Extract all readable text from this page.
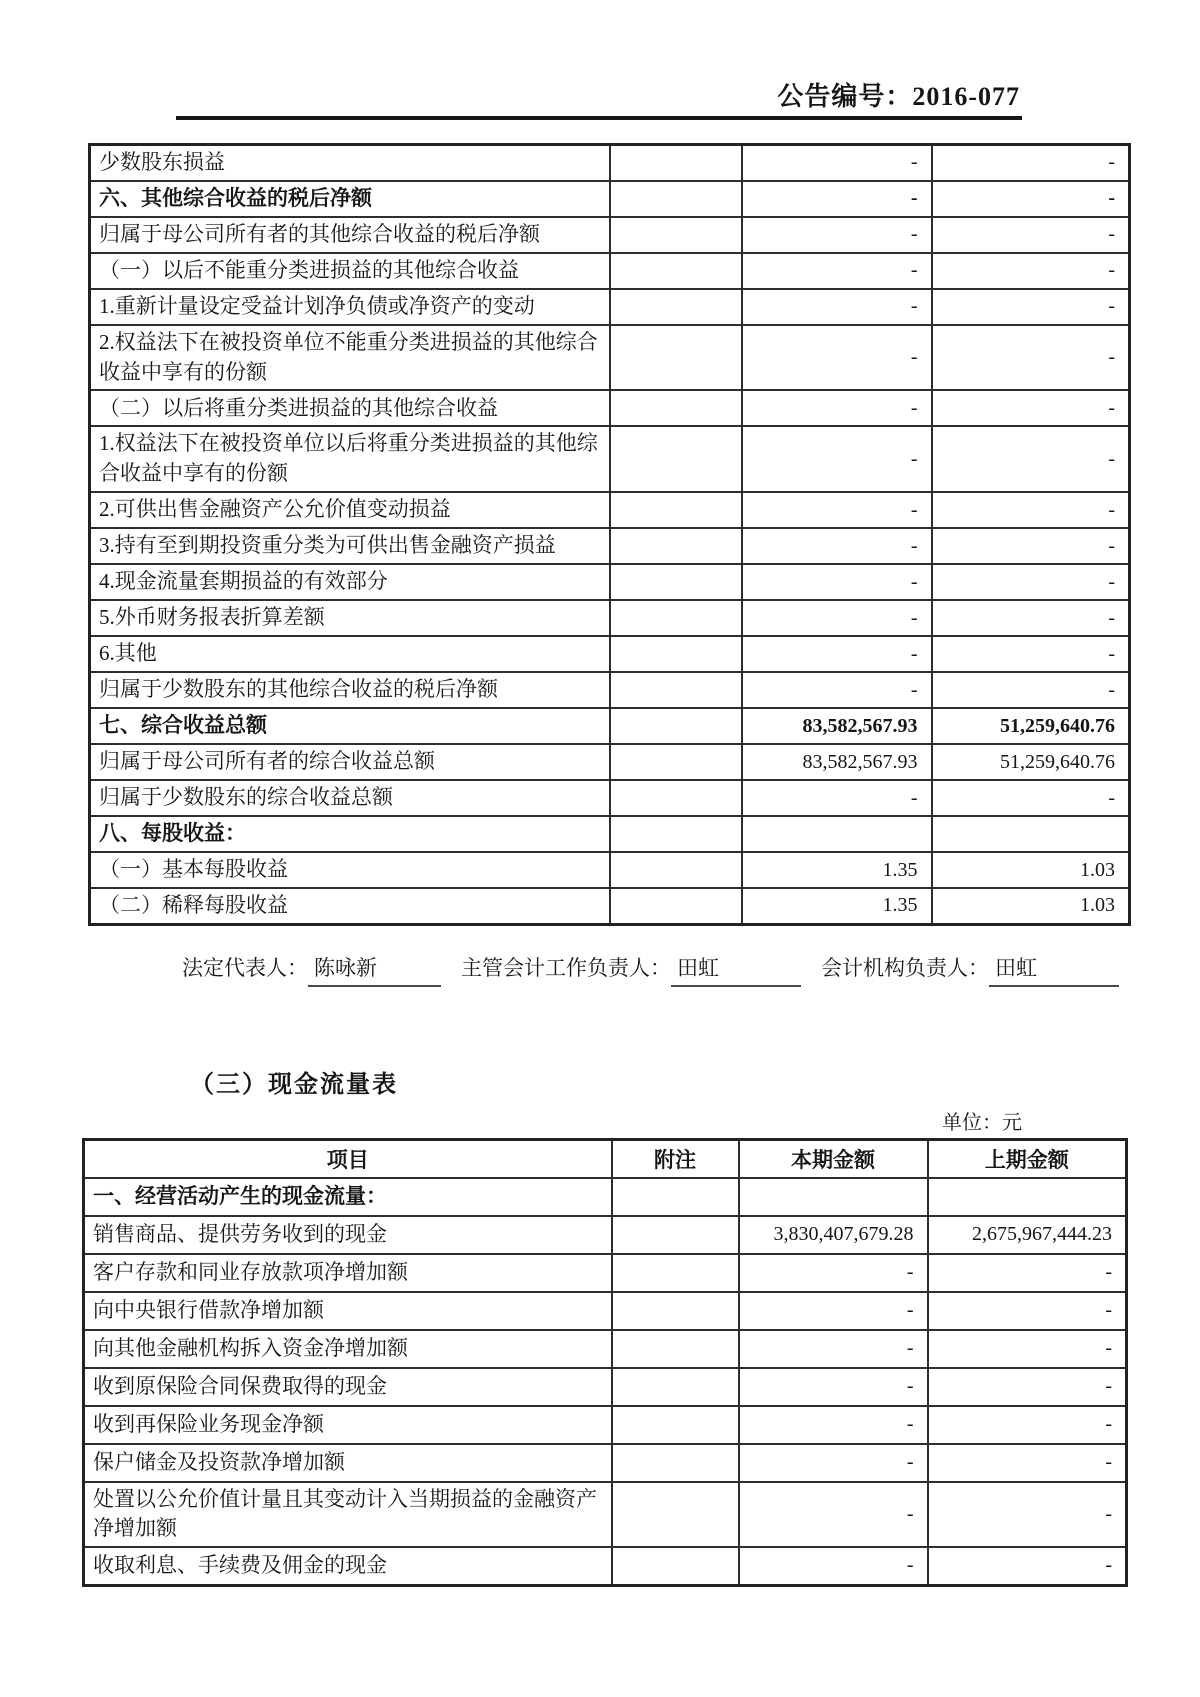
公告编号：2016-077
少数股东损益		-	-
六、其他综合收益的税后净额		-	-
归属于母公司所有者的其他综合收益的税后净额		-	-
（一）以后不能重分类进损益的其他综合收益		-	-
1.重新计量设定受益计划净负债或净资产的变动		-	-
2.权益法下在被投资单位不能重分类进损益的其他综合收益中享有的份额		-	-
（二）以后将重分类进损益的其他综合收益		-	-
1.权益法下在被投资单位以后将重分类进损益的其他综合收益中享有的份额		-	-
2.可供出售金融资产公允价值变动损益		-	-
3.持有至到期投资重分类为可供出售金融资产损益		-	-
4.现金流量套期损益的有效部分		-	-
5.外币财务报表折算差额		-	-
6.其他		-	-
归属于少数股东的其他综合收益的税后净额		-	-
七、综合收益总额		83,582,567.93	51,259,640.76
归属于母公司所有者的综合收益总额		83,582,567.93	51,259,640.76
归属于少数股东的综合收益总额		-	-
八、每股收益：			
（一）基本每股收益		1.35	1.03
（二）稀释每股收益		1.35	1.03
法定代表人： 陈咏新	主管会计工作负责人： 田虹	会计机构负责人： 田虹
（三）现金流量表
单位：元
项目	附注	本期金额	上期金额
一、经营活动产生的现金流量：			
销售商品、提供劳务收到的现金		3,830,407,679.28	2,675,967,444.23
客户存款和同业存放款项净增加额		-	-
向中央银行借款净增加额		-	-
向其他金融机构拆入资金净增加额		-	-
收到原保险合同保费取得的现金		-	-
收到再保险业务现金净额		-	-
保户储金及投资款净增加额		-	-
处置以公允价值计量且其变动计入当期损益的金融资产净增加额		-	-
收取利息、手续费及佣金的现金		-	-
